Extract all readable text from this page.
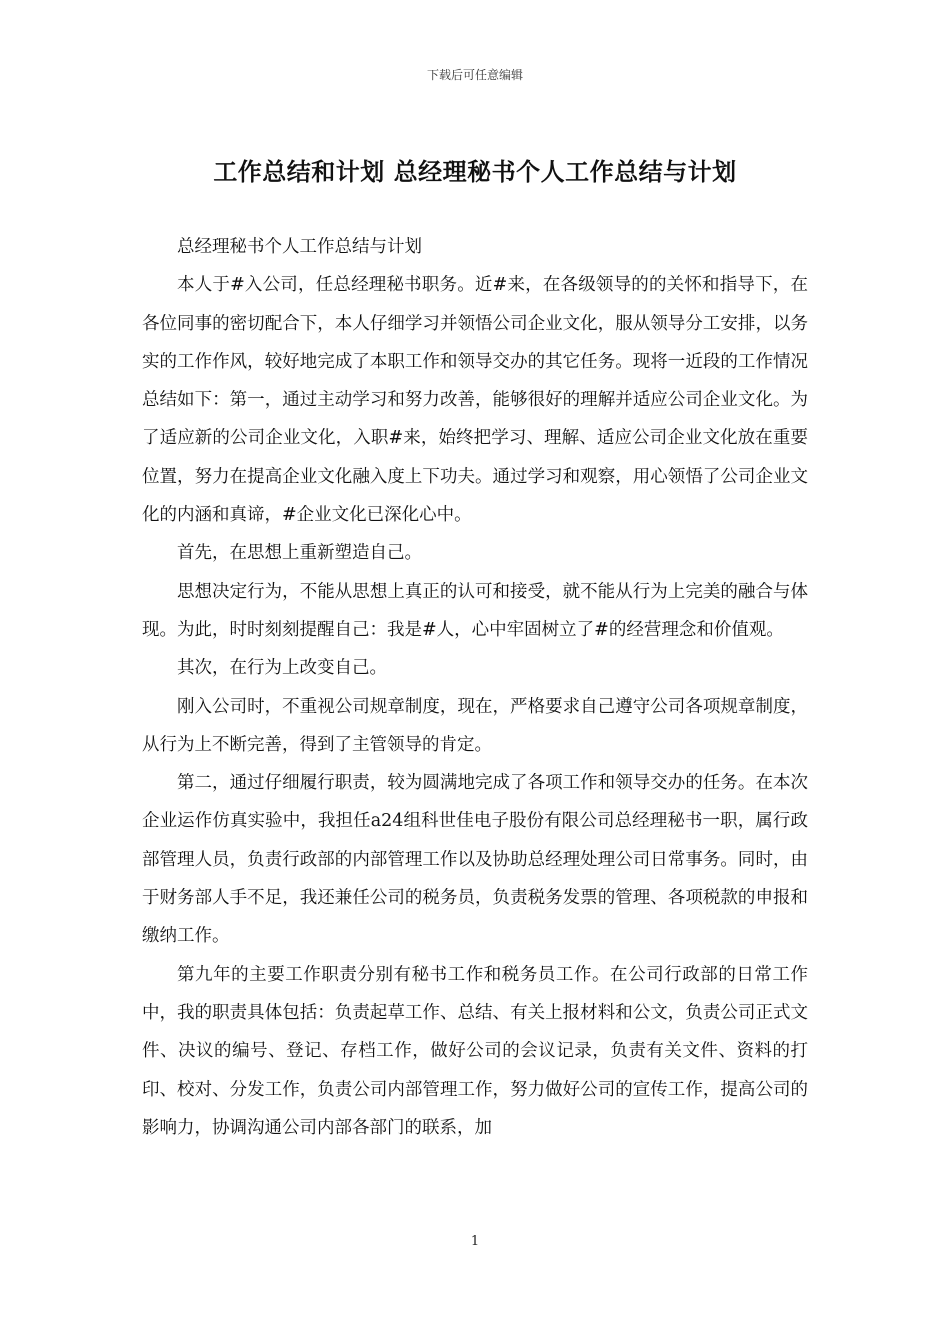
下载后可任意编辑
工作总结和计划 总经理秘书个人工作总结与计划

总经理秘书个人工作总结与计划

本人于#入公司，任总经理秘书职务。近#来，在各级领导的的关怀和指导下，在各位同事的密切配合下，本人仔细学习并领悟公司企业文化，服从领导分工安排，以务实的工作作风，较好地完成了本职工作和领导交办的其它任务。现将一近段的工作情况总结如下：第一，通过主动学习和努力改善，能够很好的理解并适应公司企业文化。为了适应新的公司企业文化，入职#来，始终把学习、理解、适应公司企业文化放在重要位置，努力在提高企业文化融入度上下功夫。通过学习和观察，用心领悟了公司企业文化的内涵和真谛，#企业文化已深化心中。

首先，在思想上重新塑造自己。

思想决定行为，不能从思想上真正的认可和接受，就不能从行为上完美的融合与体现。为此，时时刻刻提醒自己：我是#人，心中牢固树立了#的经营理念和价值观。

其次，在行为上改变自己。

刚入公司时，不重视公司规章制度，现在，严格要求自己遵守公司各项规章制度，从行为上不断完善，得到了主管领导的肯定。

第二，通过仔细履行职责，较为圆满地完成了各项工作和领导交办的任务。在本次企业运作仿真实验中，我担任a24组科世佳电子股份有限公司总经理秘书一职，属行政部管理人员，负责行政部的内部管理工作以及协助总经理处理公司日常事务。同时，由于财务部人手不足，我还兼任公司的税务员，负责税务发票的管理、各项税款的申报和缴纳工作。

第九年的主要工作职责分别有秘书工作和税务员工作。在公司行政部的日常工作中，我的职责具体包括：负责起草工作、总结、有关上报材料和公文，负责公司正式文件、决议的编号、登记、存档工作，做好公司的会议记录，负责有关文件、资料的打印、校对、分发工作，负责公司内部管理工作，努力做好公司的宣传工作，提高公司的影响力，协调沟通公司内部各部门的联系，加

1
